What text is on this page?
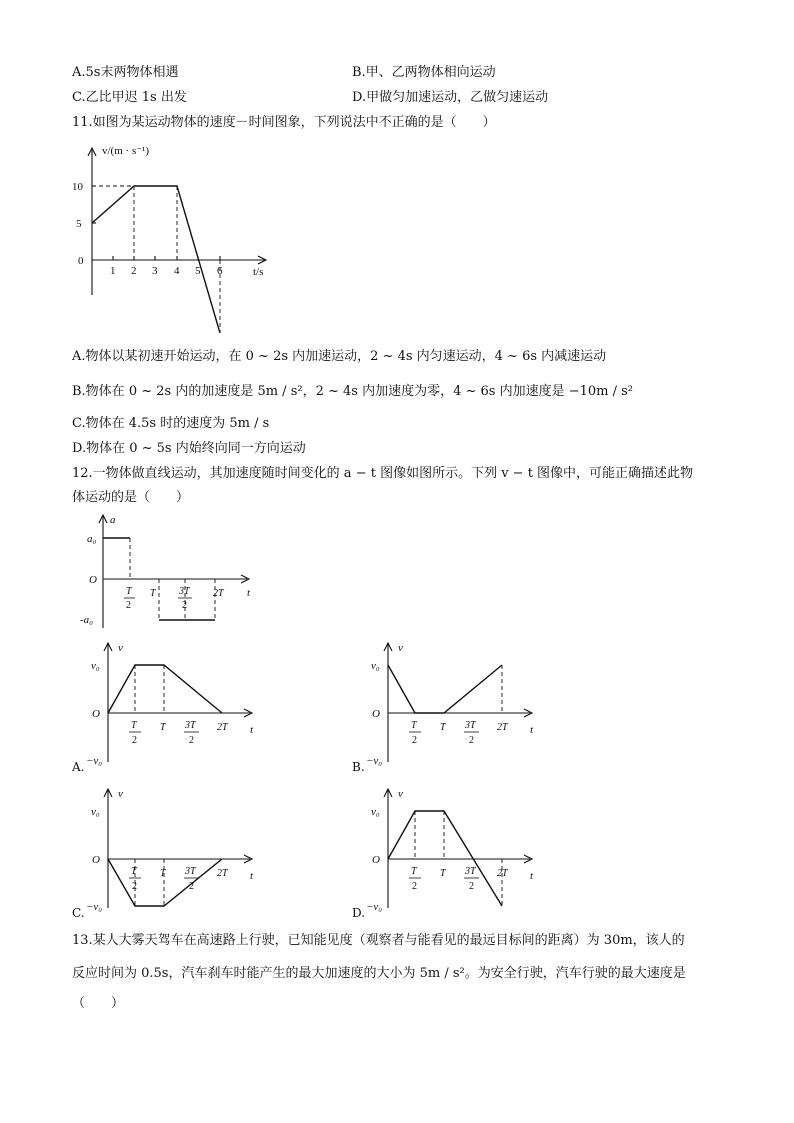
A.5s末两物体相遇	B.甲、乙两物体相向运动
C.乙比甲迟 1s 出发	D.甲做匀加速运动，乙做匀速运动
11.如图为某运动物体的速度－时间图象，下列说法中不正确的是（　　）
v/(m · s⁻¹)
t/s
10
5
0
1 2 3 4 5 6
A.物体以某初速开始运动，在 0 ~ 2s 内加速运动，2 ~ 4s 内匀速运动，4 ~ 6s 内减速运动
B.物体在 0 ~ 2s 内的加速度是 5m / s²，2 ~ 4s 内加速度为零，4 ~ 6s 内加速度是 −10m / s²
C.物体在 4.5s 时的速度为 5m / s
D.物体在 0 ~ 5s 内始终向同一方向运动
12.一物体做直线运动，其加速度随时间变化的 a − t 图像如图所示。下列 v − t 图像中，可能正确描述此物
体运动的是（　　）
a
t
O
a₀
-a₀
T
2
T 3T
2
2T
v
t
O
v₀
−v₀
T
2
T 3T
2
2T
v
t
O
v₀
−v₀
T
2
T 3T
2
2T
v
t
O
v₀
−v₀
T
2
T 3T
2
2T
v
t
O
v₀
−v₀
T
2
T 3T
2
2T
A.	B.
C.	D.
13.某人大雾天驾车在高速路上行驶，已知能见度（观察者与能看见的最远目标间的距离）为 30m，该人的
反应时间为 0.5s，汽车刹车时能产生的最大加速度的大小为 5m / s²。为安全行驶，汽车行驶的最大速度是
（　　）
